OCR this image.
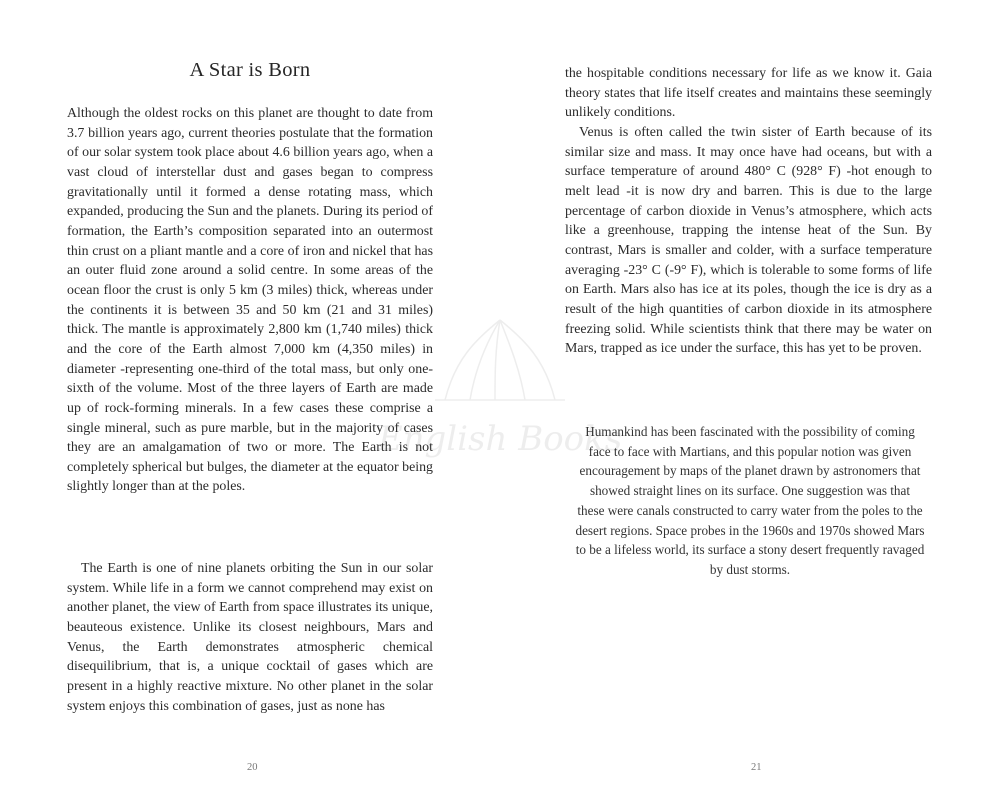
A Star is Born

Although the oldest rocks on this planet are thought to date from 3.7 billion years ago, current theories postulate that the formation of our solar system took place about 4.6 billion years ago, when a vast cloud of interstellar dust and gases began to compress gravitationally until it formed a dense rotating mass, which expanded, producing the Sun and the planets. During its period of formation, the Earth’s composition separated into an outermost thin crust on a pliant mantle and a core of iron and nickel that has an outer fluid zone around a solid centre. In some areas of the ocean floor the crust is only 5 km (3 miles) thick, whereas under the continents it is between 35 and 50 km (21 and 31 miles) thick. The mantle is approximately 2,800 km (1,740 miles) thick and the core of the Earth almost 7,000 km (4,350 miles) in diameter -representing one-third of the total mass, but only one-sixth of the volume. Most of the three layers of Earth are made up of rock-forming minerals. In a few cases these comprise a single mineral, such as pure marble, but in the majority of cases they are an amalgamation of two or more. The Earth is not completely spherical but bulges, the diameter at the equator being slightly longer than at the poles.

The Earth is one of nine planets orbiting the Sun in our solar system. While life in a form we cannot comprehend may exist on another planet, the view of Earth from space illustrates its unique, beauteous existence. Unlike its closest neighbours, Mars and Venus, the Earth demonstrates atmospheric chemical disequilibrium, that is, a unique cocktail of gases which are present in a highly reactive mixture. No other planet in the solar system enjoys this combination of gases, just as none has

20

the hospitable conditions necessary for life as we know it. Gaia theory states that life itself creates and maintains these seemingly unlikely conditions.

Venus is often called the twin sister of Earth because of its similar size and mass. It may once have had oceans, but with a surface temperature of around 480° C (928° F) -hot enough to melt lead -it is now dry and barren. This is due to the large percentage of carbon dioxide in Venus’s atmosphere, which acts like a greenhouse, trapping the intense heat of the Sun. By contrast, Mars is smaller and colder, with a surface temperature averaging -23° C (-9° F), which is tolerable to some forms of life on Earth. Mars also has ice at its poles, though the ice is dry as a result of the high quantities of carbon dioxide in its atmosphere freezing solid. While scientists think that there may be water on Mars, trapped as ice under the surface, this has yet to be proven.

Humankind has been fascinated with the possibility of coming face to face with Martians, and this popular notion was given encouragement by maps of the planet drawn by astronomers that showed straight lines on its surface. One suggestion was that these were canals constructed to carry water from the poles to the desert regions. Space probes in the 1960s and 1970s showed Mars to be a lifeless world, its surface a stony desert frequently ravaged by dust storms.
21
English Books
